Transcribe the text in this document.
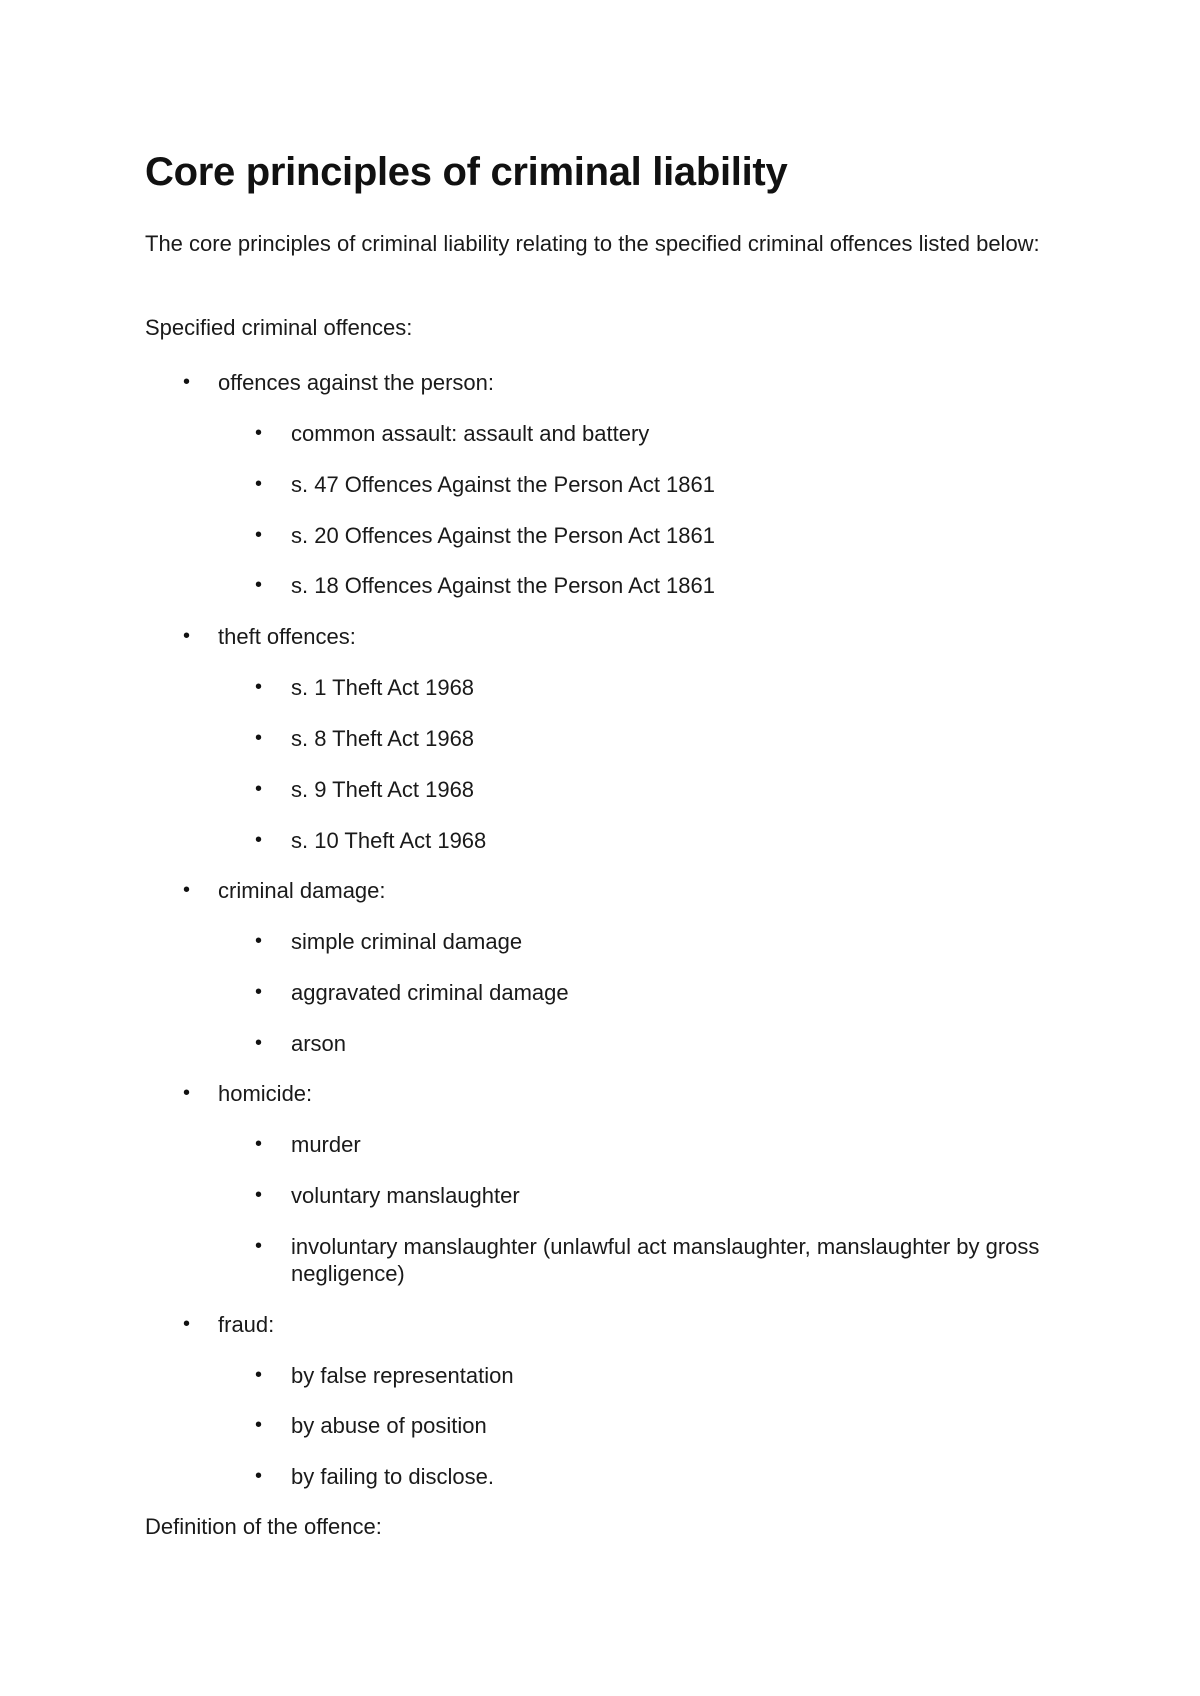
Core principles of criminal liability

The core principles of criminal liability relating to the specified criminal offences listed below:

Specified criminal offences:

• offences against the person:
• common assault: assault and battery
• s. 47 Offences Against the Person Act 1861
• s. 20 Offences Against the Person Act 1861
• s. 18 Offences Against the Person Act 1861
• theft offences:
• s. 1 Theft Act 1968
• s. 8 Theft Act 1968
• s. 9 Theft Act 1968
• s. 10 Theft Act 1968
• criminal damage:
• simple criminal damage
• aggravated criminal damage
• arson
• homicide:
• murder
• voluntary manslaughter
• involuntary manslaughter (unlawful act manslaughter, manslaughter by gross negligence)
• fraud:
• by false representation
• by abuse of position
• by failing to disclose.

Definition of the offence:
